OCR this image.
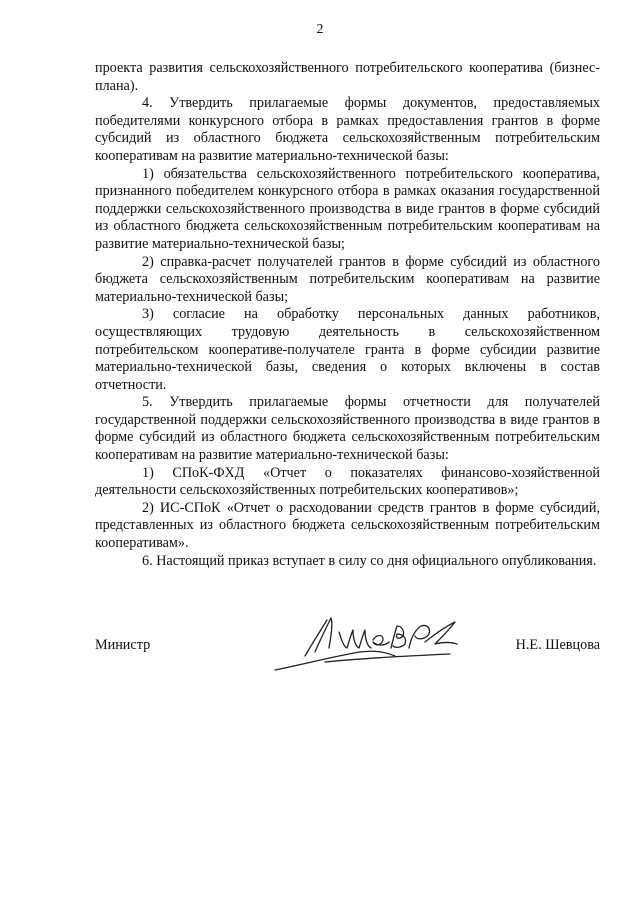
2

проекта развития сельскохозяйственного потребительского кооператива (бизнес-плана).

4. Утвердить прилагаемые формы документов, предоставляемых победителями конкурсного отбора в рамках предоставления грантов в форме субсидий из областного бюджета сельскохозяйственным потребительским кооперативам на развитие материально-технической базы:

1) обязательства сельскохозяйственного потребительского кооператива, признанного победителем конкурсного отбора в рамках оказания государственной поддержки сельскохозяйственного производства в виде грантов в форме субсидий из областного бюджета сельскохозяйственным потребительским кооперативам на развитие материально-технической базы;

2) справка-расчет получателей грантов в форме субсидий из областного бюджета сельскохозяйственным потребительским кооперативам на развитие материально-технической базы;

3) согласие на обработку персональных данных работников, осуществляющих трудовую деятельность в сельскохозяйственном потребительском кооперативе-получателе гранта в форме субсидии развитие материально-технической базы, сведения о которых включены в состав отчетности.

5. Утвердить прилагаемые формы отчетности для получателей государственной поддержки сельскохозяйственного производства в виде грантов в форме субсидий из областного бюджета сельскохозяйственным потребительским кооперативам на развитие материально-технической базы:

1) СПоК-ФХД «Отчет о показателях финансово-хозяйственной деятельности сельскохозяйственных потребительских кооперативов»;

2) ИС-СПоК «Отчет о расходовании средств грантов в форме субсидий, представленных из областного бюджета сельскохозяйственным потребительским кооперативам».

6. Настоящий приказ вступает в силу со дня официального опубликования.

Министр	Н.Е. Шевцова
